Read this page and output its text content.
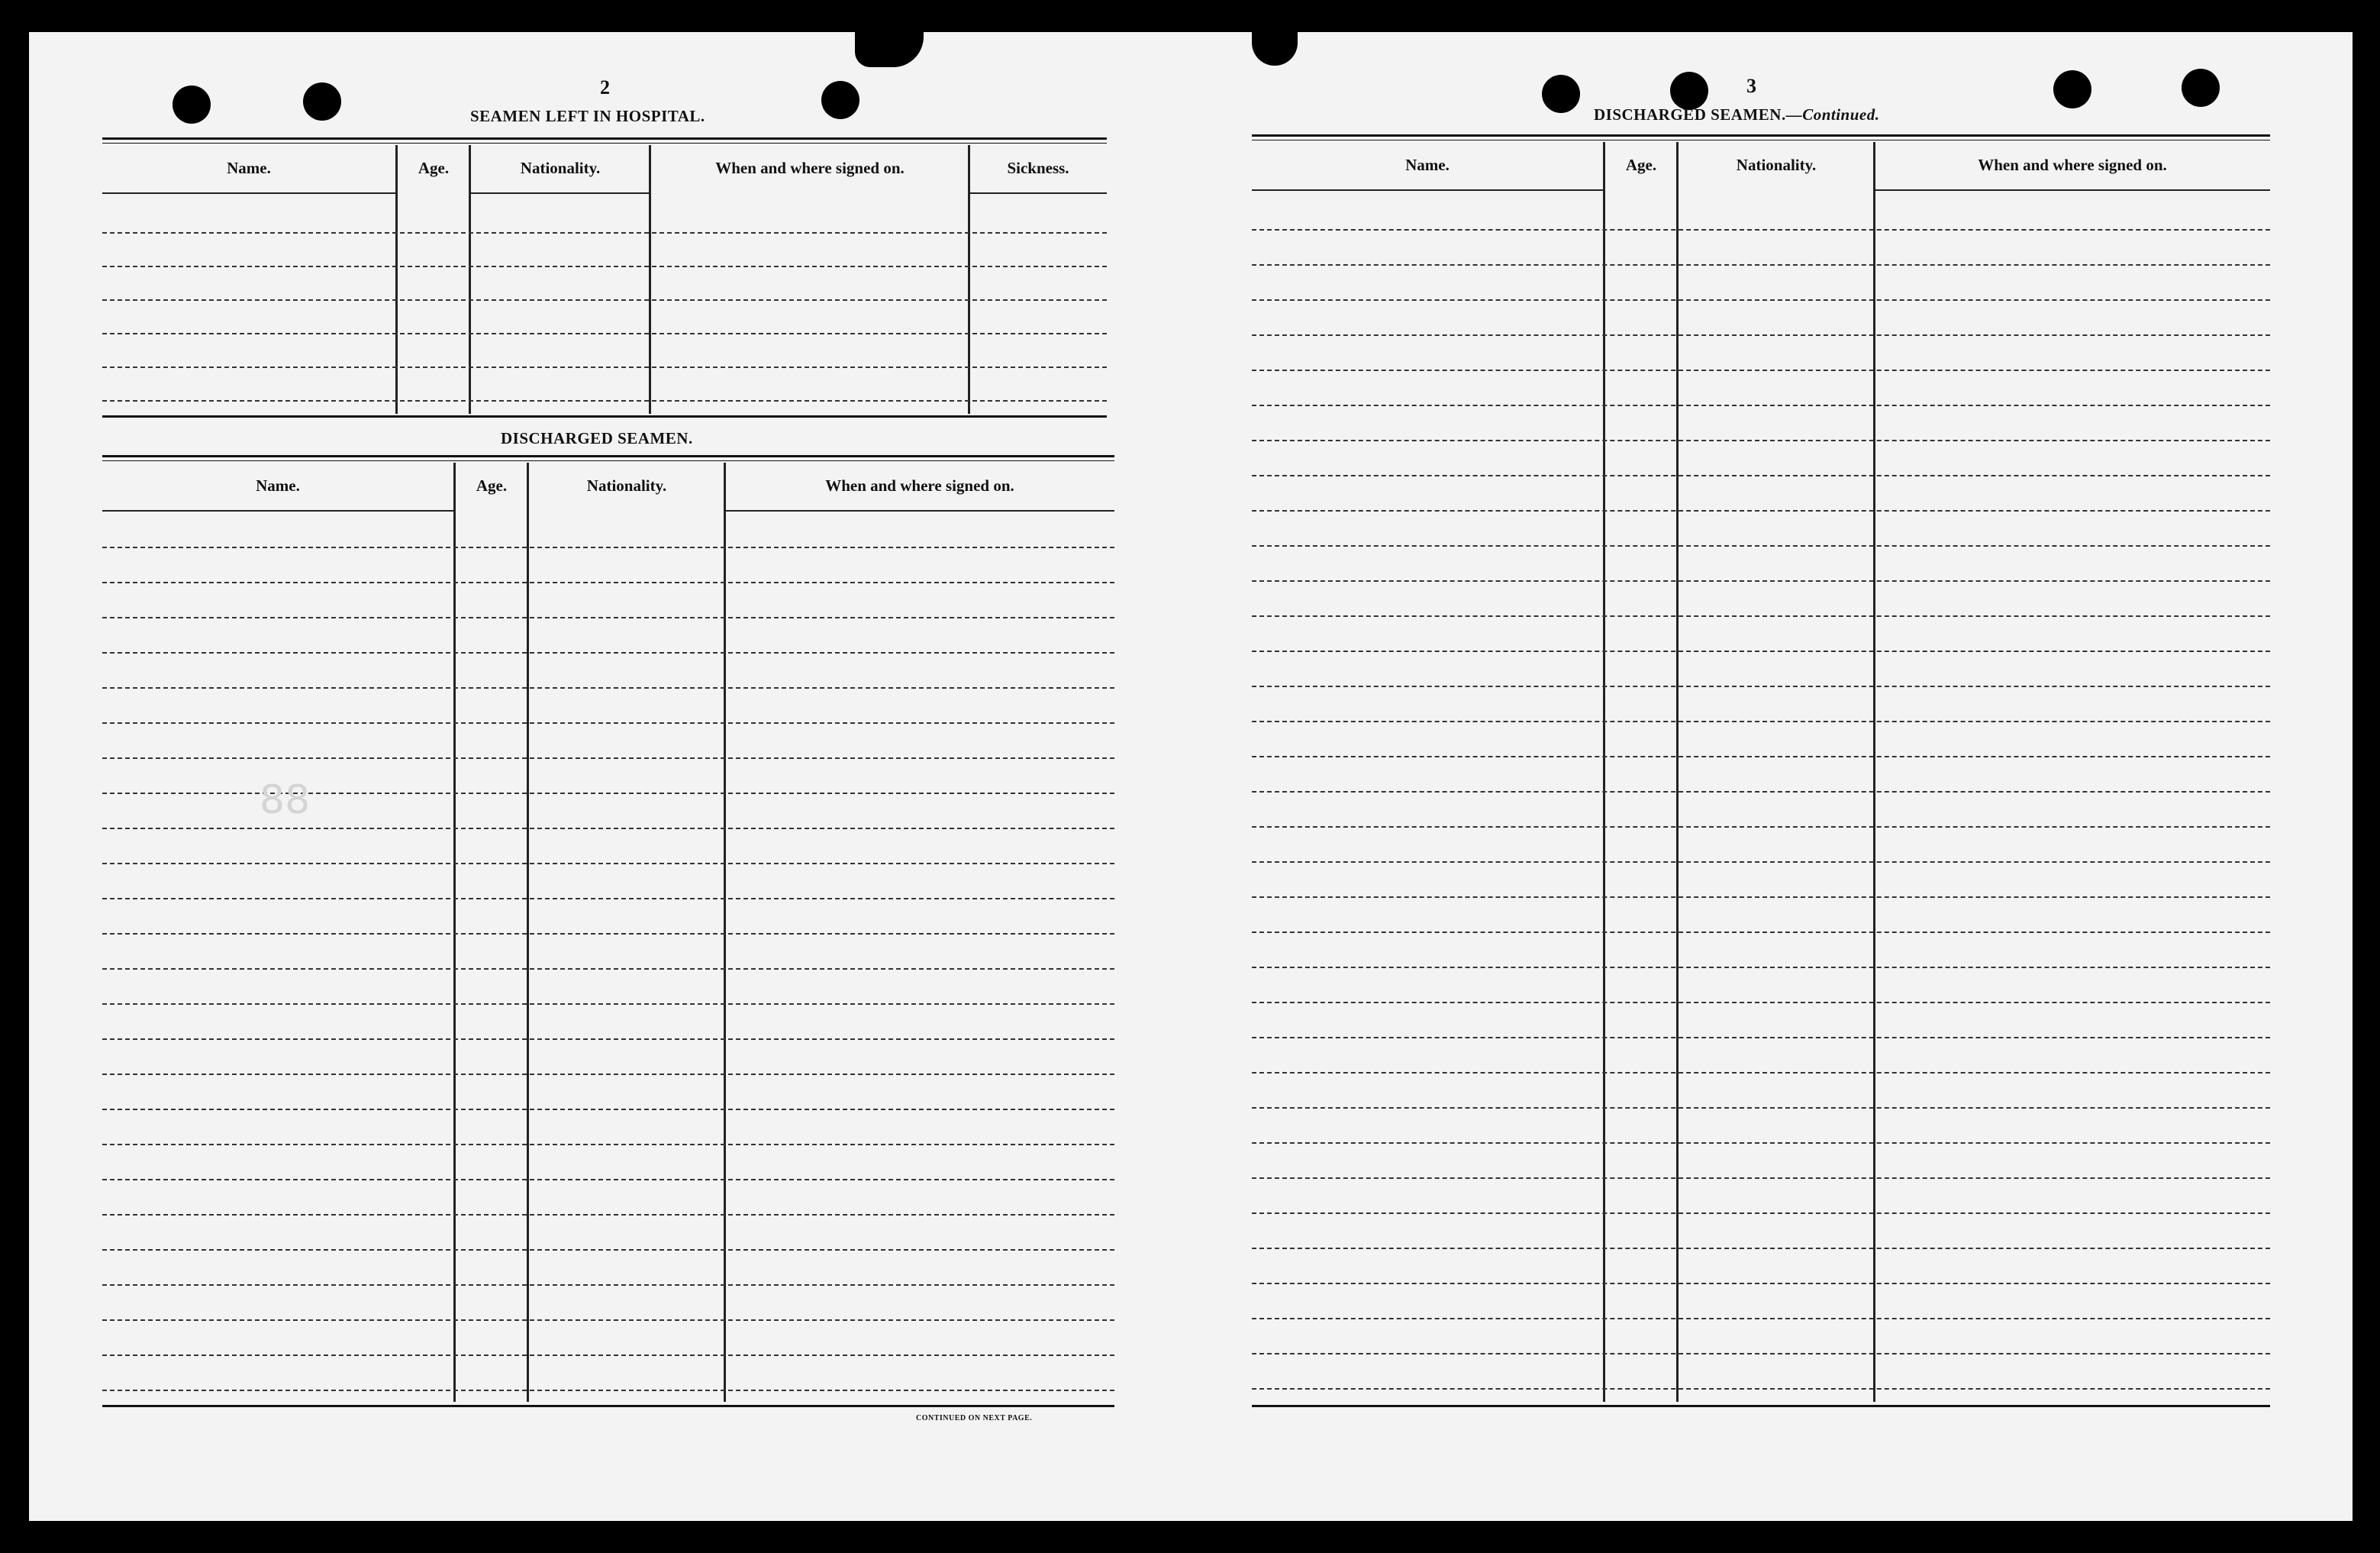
2
SEAMEN LEFT IN HOSPITAL.
Name.	Age.	Nationality.	When and where signed on.	Sickness.
DISCHARGED SEAMEN.
Name.	Age.	Nationality.	When and where signed on.
88
CONTINUED ON NEXT PAGE.
3
DISCHARGED SEAMEN.—Continued.
Name.	Age.	Nationality.	When and where signed on.
